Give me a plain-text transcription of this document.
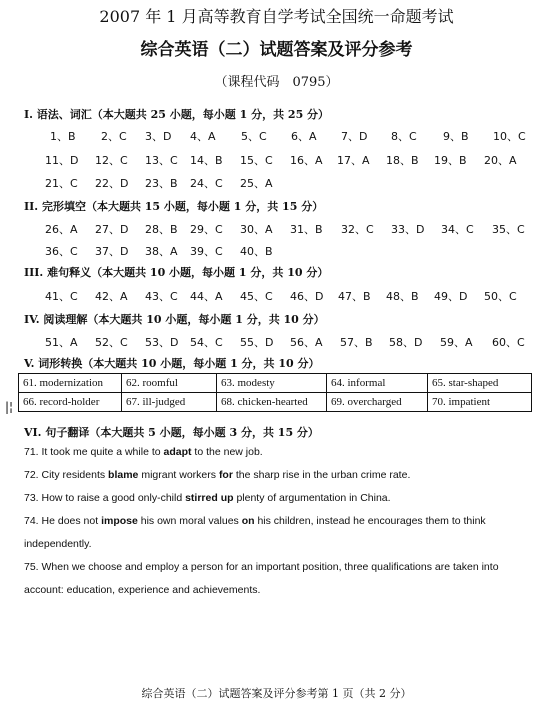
2007 年 1 月高等教育自学考试全国统一命题考试
综合英语（二）试题答案及评分参考
（课程代码　0795）
I. 语法、词汇（本大题共 25 小题，每小题 1 分，共 25 分）
1、B 2、C 3、D 4、A 5、C 6、A 7、D 8、C 9、B 10、C
11、D 12、C 13、C 14、B 15、C 16、A 17、A 18、B 19、B 20、A
21、C 22、D 23、B 24、C 25、A
II. 完形填空（本大题共 15 小题，每小题 1 分，共 15 分）
26、A 27、D 28、B 29、C 30、A 31、B 32、C 33、D 34、C 35、C
36、C 37、D 38、A 39、C 40、B
III. 难句释义（本大题共 10 小题，每小题 1 分，共 10 分）
41、C 42、A 43、C 44、A 45、C 46、D 47、B 48、B 49、D 50、C
IV. 阅读理解（本大题共 10 小题，每小题 1 分，共 10 分）
51、A 52、C 53、D 54、C 55、D 56、A 57、B 58、D 59、A 60、C
V. 词形转换（本大题共 10 小题，每小题 1 分，共 10 分）
61. modernization	62. roomful	63. modesty	64. informal	65. star-shaped
66. record-holder	67. ill-judged	68. chicken-hearted	69. overcharged	70. impatient
|¦
VI. 句子翻译（本大题共 5 小题，每小题 3 分，共 15 分）
71. It took me quite a while to adapt to the new job.
72. City residents blame migrant workers for the sharp rise in the urban crime rate.
73. How to raise a good only-child stirred up plenty of argumentation in China.
74. He does not impose his own moral values on his children, instead he encourages them to think
independently.
75. When we choose and employ a person for an important position, three qualifications are taken into
account: education, experience and achievements.
综合英语（二）试题答案及评分参考第 1 页（共 2 分）
